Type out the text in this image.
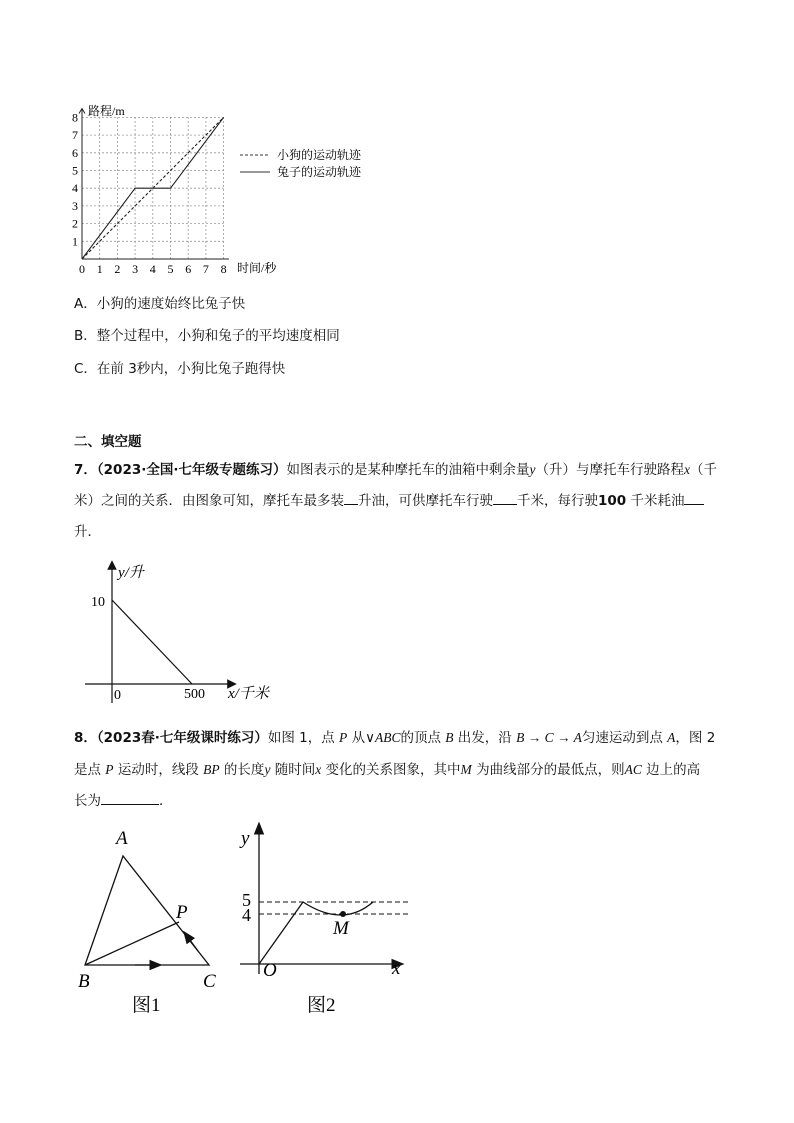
8
7
6
5
4
3
2
1
0 1 2 3 4 5 6 7 8
路程/m
时间/秒
小狗的运动轨迹
兔子的运动轨迹
A．小狗的速度始终比兔子快
B．整个过程中，小狗和兔子的平均速度相同
C．在前 3秒内，小狗比兔子跑得快
二、填空题
7．（2023·全国·七年级专题练习）如图表示的是某种摩托车的油箱中剩余量y（升）与摩托车行驶路程x（千
米）之间的关系．由图象可知，摩托车最多装 升油，可供摩托车行驶 千米，每行驶100 千米耗油
升．
y/升
10
0	500 x/千米
8．（2023春·七年级课时练习）如图 1，点 P 从∨ABC的顶点 B 出发，沿 B → C → A匀速运动到点 A，图 2
是点 P 运动时，线段 BP 的长度y 随时间x 变化的关系图象，其中M 为曲线部分的最低点，则AC 边上的高
长为	．
A
B	C
P
图1
y
5
4
M
O	x
图2
